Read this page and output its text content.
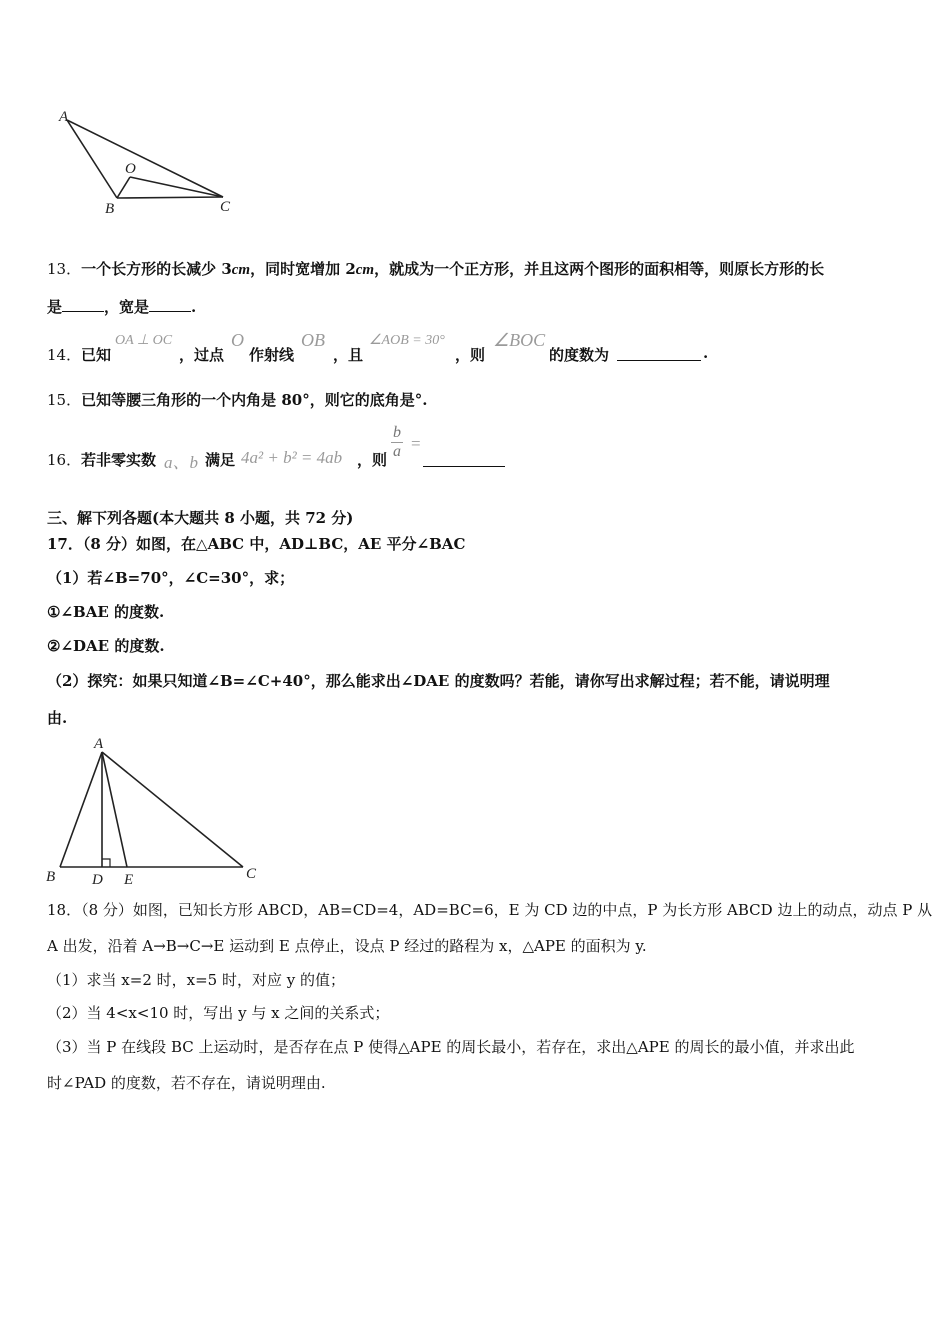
A
O
B	C
13．一个长方形的长减少 3cm，同时宽增加 2cm，就成为一个正方形，并且这两个图形的面积相等，则原长方形的长
是	，宽是	.
14． 已知
OA ⊥ OC
，过点
O
作射线
OB
，且
∠AOB = 30°
，则
∠BOC
的度数为	.
15．已知等腰三角形的一个内角是 80°，则它的底角是°.
16． 若非零实数 a、b 满足 4a² + b² = 4ab ，则 $\frac{b}{a}$ =
三、解下列各题(本大题共 8 小题，共 72 分)
17．（8 分）如图，在△ABC 中，AD⊥BC，AE 平分∠BAC
（1）若∠B=70°，∠C=30°，求；
①∠BAE 的度数.
②∠DAE 的度数.
（2）探究：如果只知道∠B=∠C+40°，那么能求出∠DAE 的度数吗？若能，请你写出求解过程；若不能，请说明理
由.
A
B D E	C
18．（8 分）如图，已知长方形 ABCD，AB=CD=4，AD=BC=6，E 为 CD 边的中点，P 为长方形 ABCD 边上的动点，动点 P 从
A 出发，沿着 A→B→C→E 运动到 E 点停止，设点 P 经过的路程为 x，△APE 的面积为 y.
（1）求当 x=2 时，x=5 时，对应 y 的值；
（2）当 4<x<10 时，写出 y 与 x 之间的关系式；
（3）当 P 在线段 BC 上运动时，是否存在点 P 使得△APE 的周长最小，若存在，求出△APE 的周长的最小值，并求出此
时∠PAD 的度数，若不存在，请说明理由.
